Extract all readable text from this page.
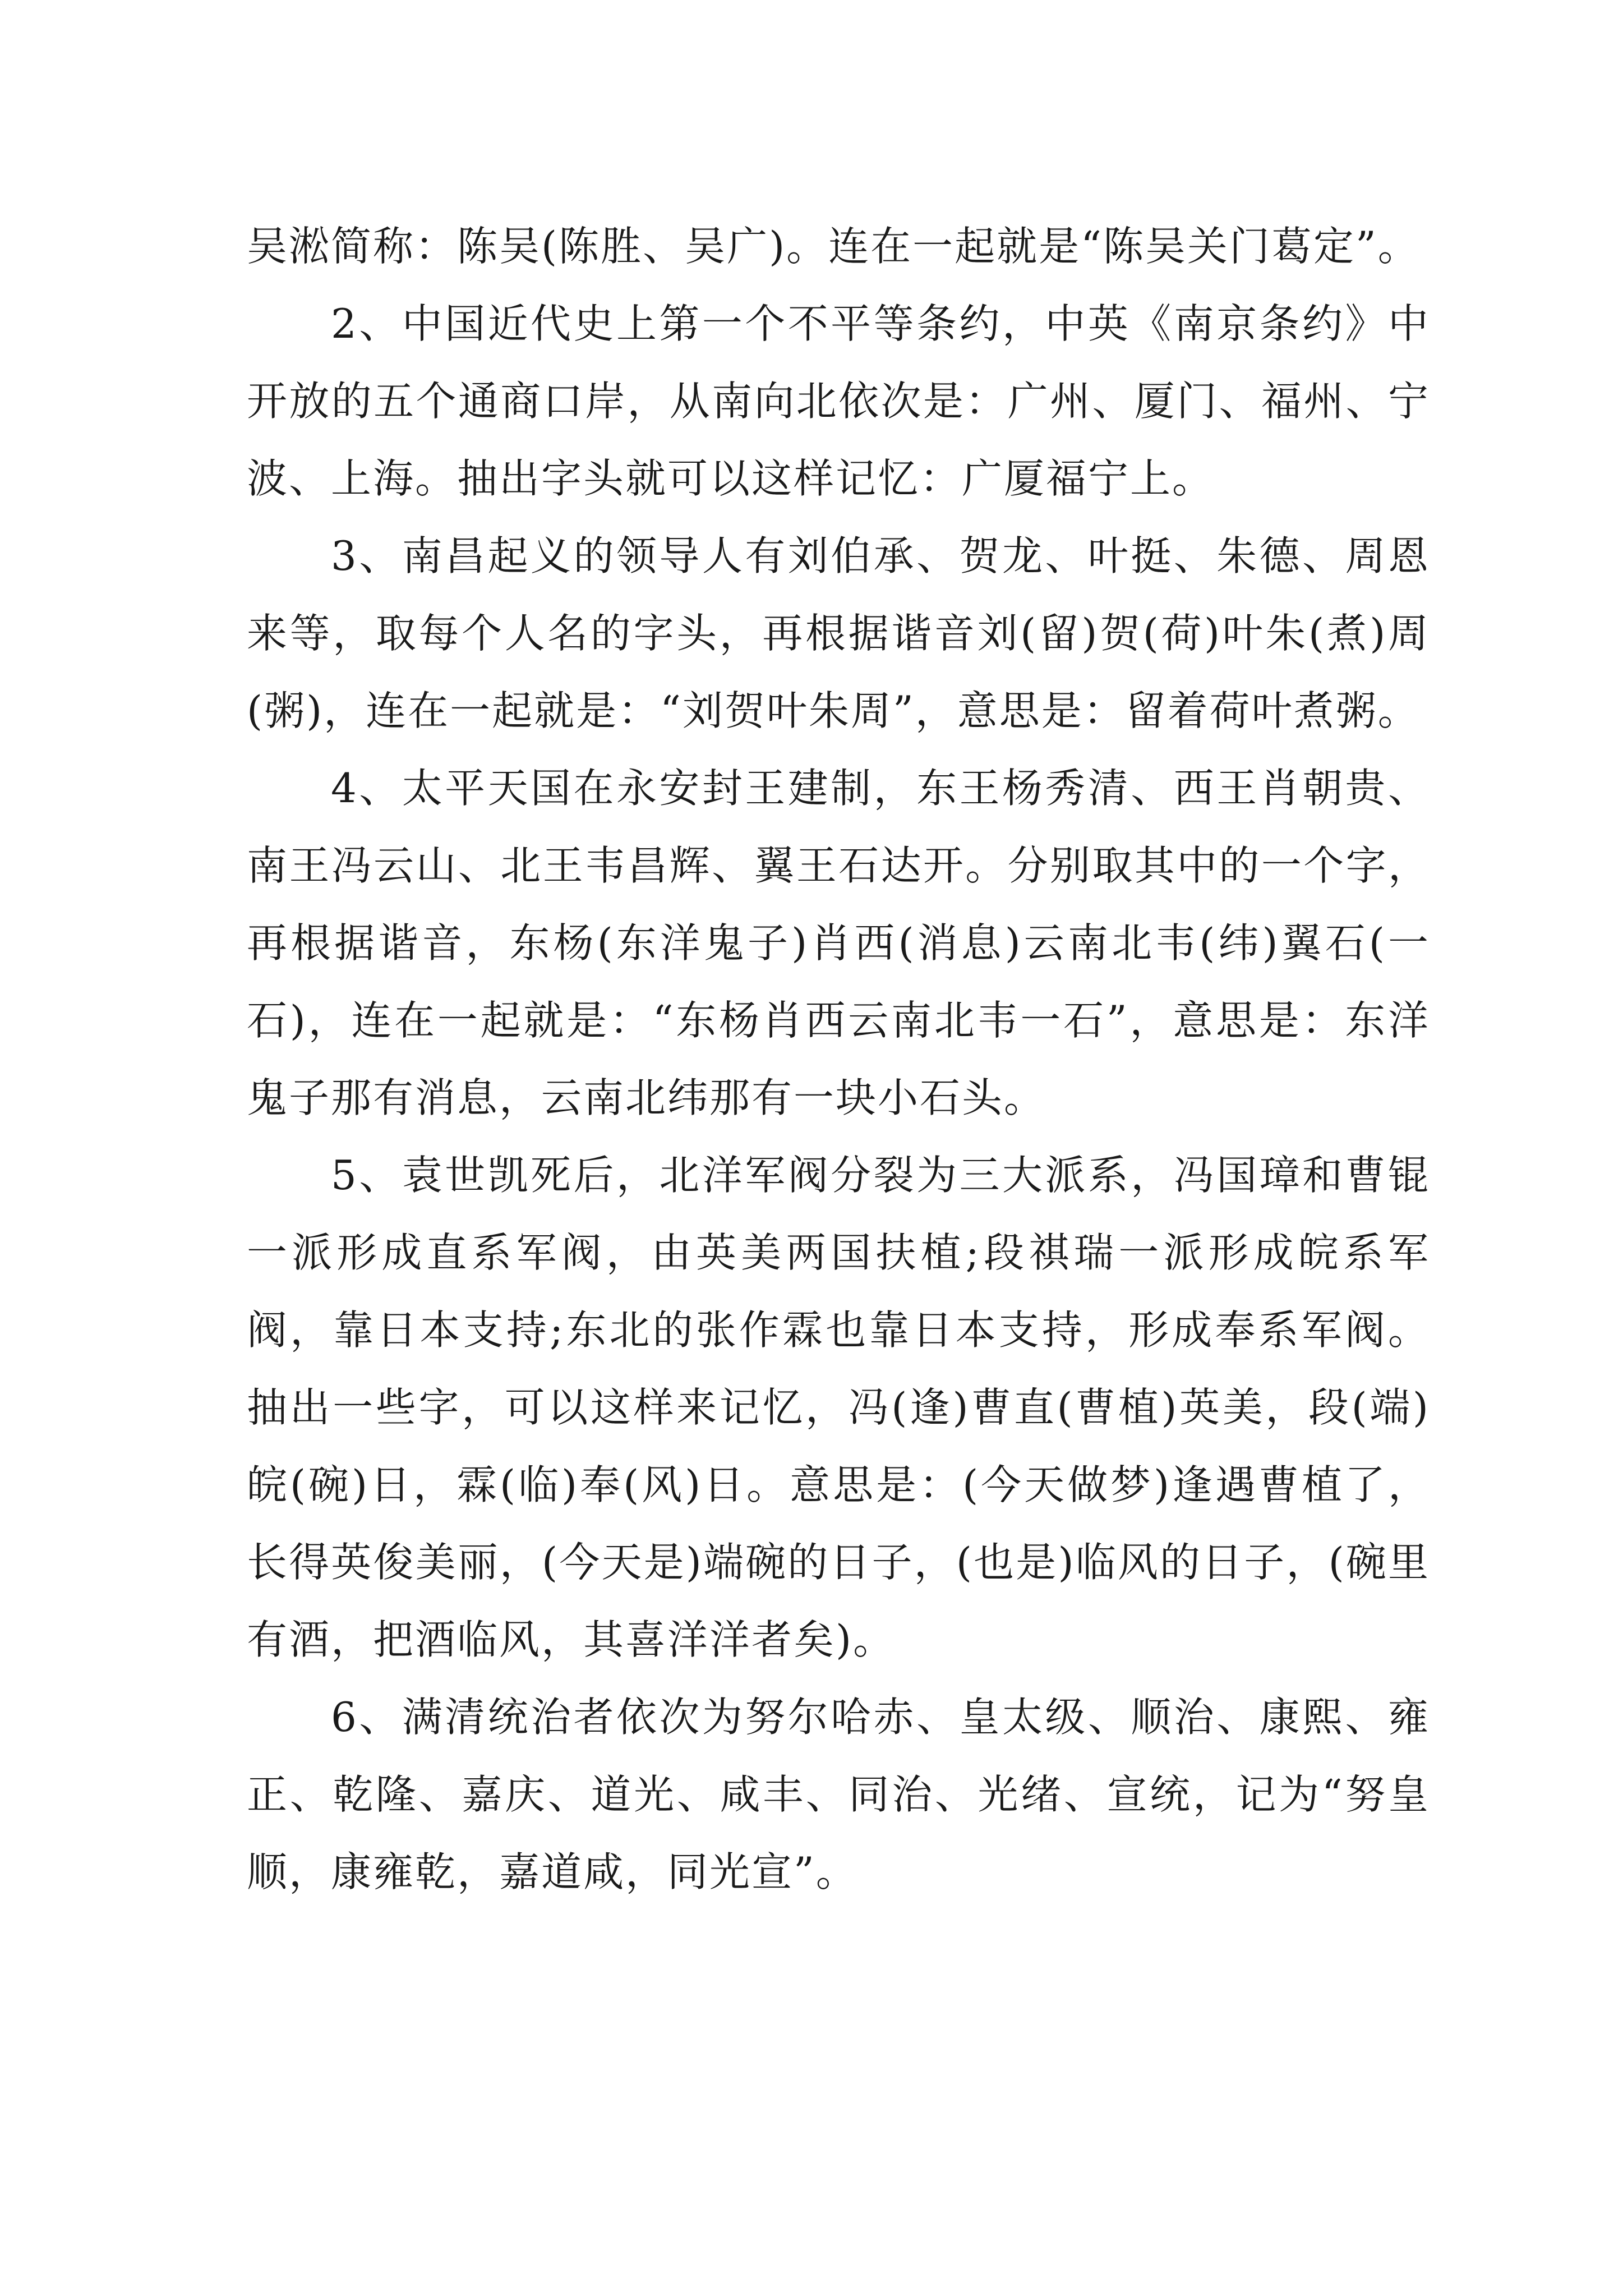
吴淞简称：陈吴(陈胜、吴广)。连在一起就是“陈吴关门葛定”。

2、中国近代史上第一个不平等条约，中英《南京条约》中开放的五个通商口岸，从南向北依次是：广州、厦门、福州、宁波、上海。抽出字头就可以这样记忆：广厦福宁上。

3、南昌起义的领导人有刘伯承、贺龙、叶挺、朱德、周恩来等，取每个人名的字头，再根据谐音刘(留)贺(荷)叶朱(煮)周(粥)，连在一起就是：“刘贺叶朱周”，意思是：留着荷叶煮粥。

4、太平天国在永安封王建制，东王杨秀清、西王肖朝贵、南王冯云山、北王韦昌辉、翼王石达开。分别取其中的一个字，再根据谐音，东杨(东洋鬼子)肖西(消息)云南北韦(纬)翼石(一石)，连在一起就是：“东杨肖西云南北韦一石”，意思是：东洋鬼子那有消息，云南北纬那有一块小石头。

5、袁世凯死后，北洋军阀分裂为三大派系，冯国璋和曹锟一派形成直系军阀，由英美两国扶植;段祺瑞一派形成皖系军阀，靠日本支持;东北的张作霖也靠日本支持，形成奉系军阀。抽出一些字，可以这样来记忆，冯(逢)曹直(曹植)英美，段(端)皖(碗)日，霖(临)奉(风)日。意思是：(今天做梦)逢遇曹植了，长得英俊美丽，(今天是)端碗的日子，(也是)临风的日子，(碗里有酒，把酒临风，其喜洋洋者矣)。

6、满清统治者依次为努尔哈赤、皇太级、顺治、康熙、雍正、乾隆、嘉庆、道光、咸丰、同治、光绪、宣统，记为“努皇顺，康雍乾，嘉道咸，同光宣”。
